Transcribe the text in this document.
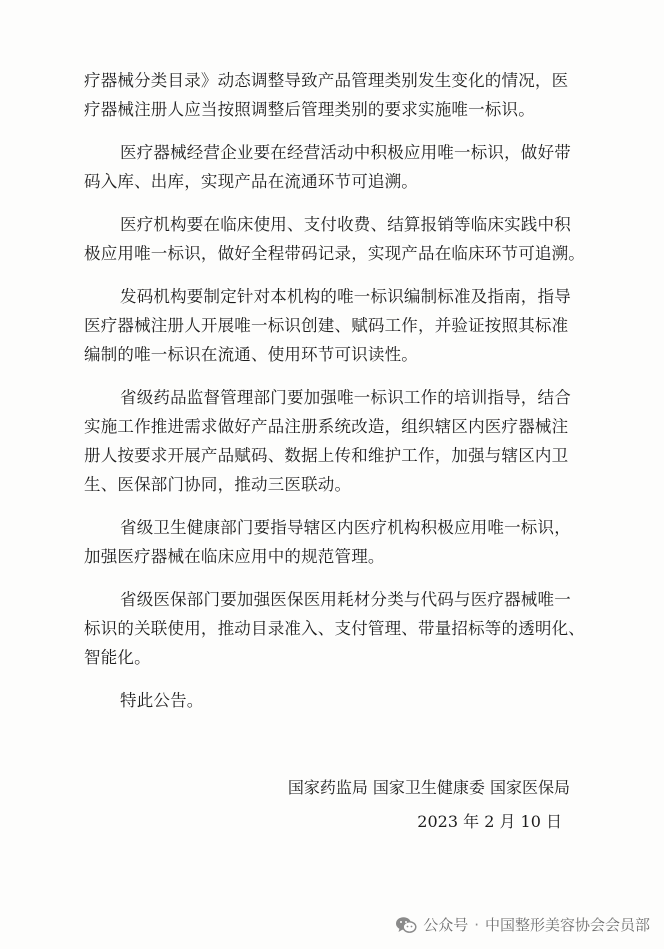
疗器械分类目录》动态调整导致产品管理类别发生变化的情况，医
疗器械注册人应当按照调整后管理类别的要求实施唯一标识。
医疗器械经营企业要在经营活动中积极应用唯一标识，做好带
码入库、出库，实现产品在流通环节可追溯。
医疗机构要在临床使用、支付收费、结算报销等临床实践中积
极应用唯一标识，做好全程带码记录，实现产品在临床环节可追溯。
发码机构要制定针对本机构的唯一标识编制标准及指南，指导
医疗器械注册人开展唯一标识创建、赋码工作，并验证按照其标准
编制的唯一标识在流通、使用环节可识读性。
省级药品监督管理部门要加强唯一标识工作的培训指导，结合
实施工作推进需求做好产品注册系统改造，组织辖区内医疗器械注
册人按要求开展产品赋码、数据上传和维护工作，加强与辖区内卫
生、医保部门协同，推动三医联动。
省级卫生健康部门要指导辖区内医疗机构积极应用唯一标识，
加强医疗器械在临床应用中的规范管理。
省级医保部门要加强医保医用耗材分类与代码与医疗器械唯一
标识的关联使用，推动目录准入、支付管理、带量招标等的透明化、
智能化。
特此公告。
国家药监局 国家卫生健康委 国家医保局
2023 年 2 月 10 日
公众号 · 中国整形美容协会会员部
